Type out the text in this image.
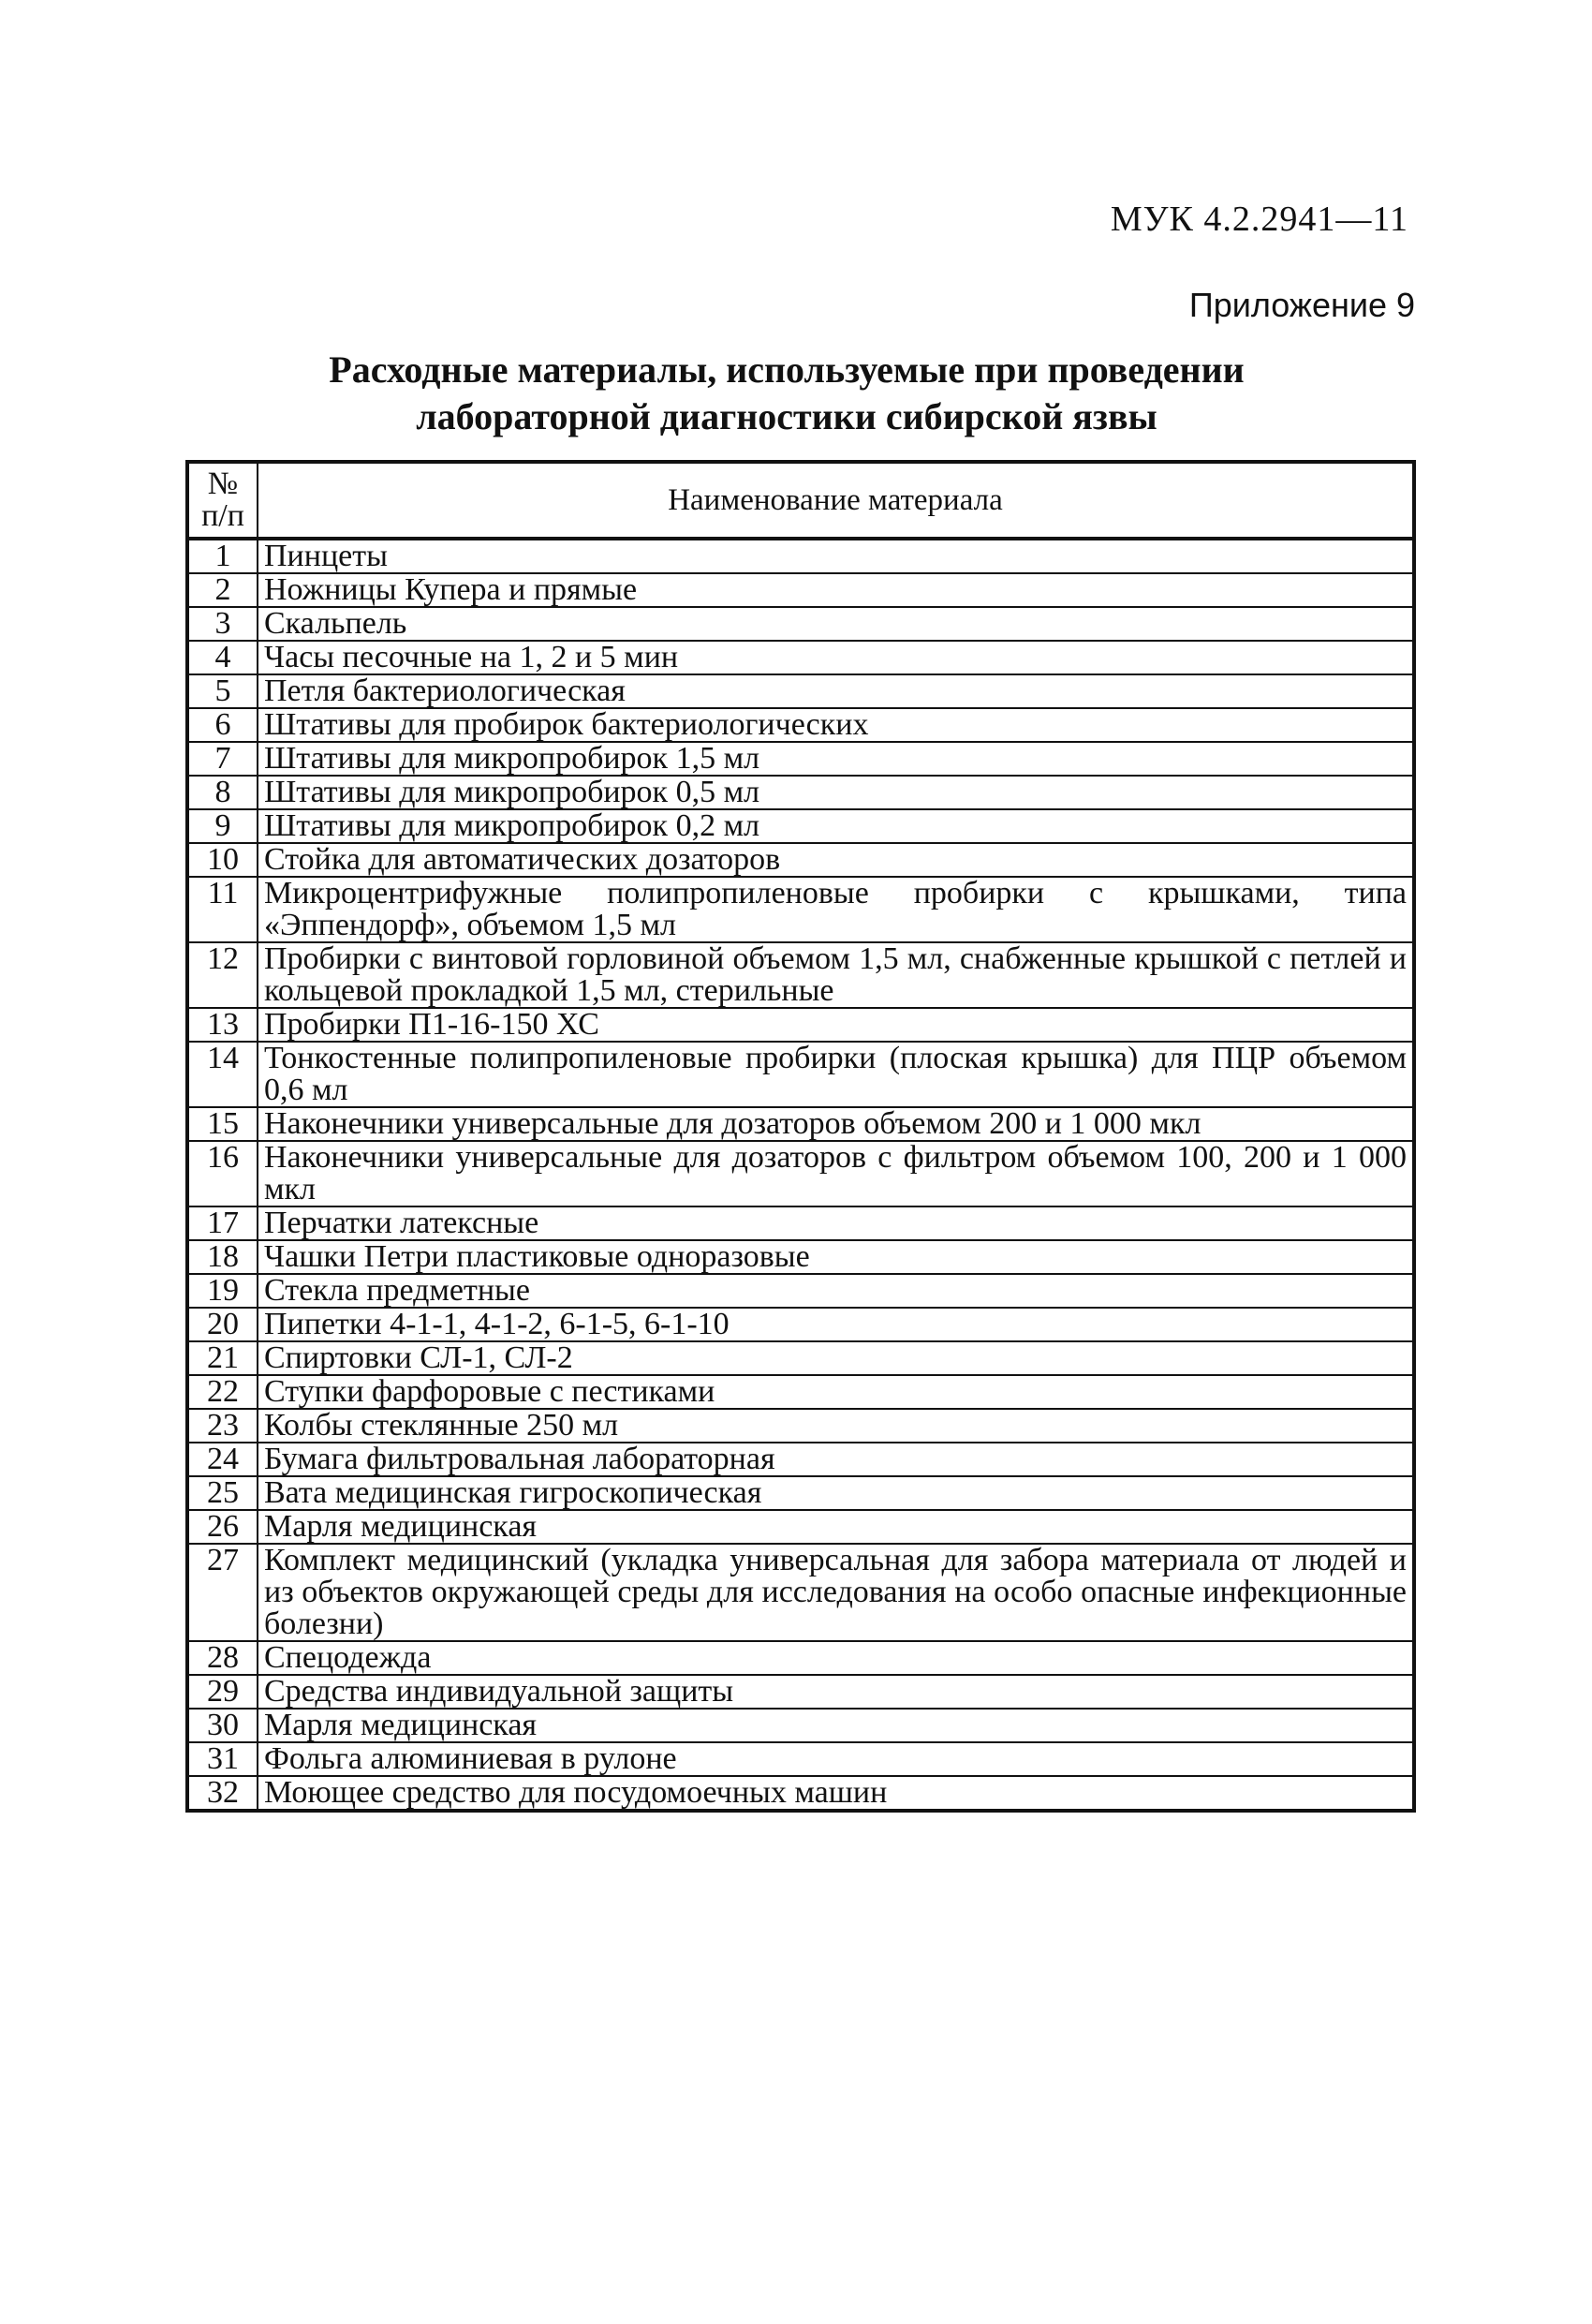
МУК 4.2.2941—11
Приложение 9
Расходные материалы, используемые при проведении
лабораторной диагностики сибирской язвы
№
п/п	Наименование материала
1	Пинцеты
2	Ножницы Купера и прямые
3	Скальпель
4	Часы песочные на 1, 2 и 5 мин
5	Петля бактериологическая
6	Штативы для пробирок бактериологических
7	Штативы для микропробирок 1,5 мл
8	Штативы для микропробирок 0,5 мл
9	Штативы для микропробирок 0,2 мл
10	Стойка для автоматических дозаторов
11	Микроцентрифужные полипропиленовые пробирки с крышками, типа «Эппендорф», объемом 1,5 мл
12	Пробирки с винтовой горловиной объемом 1,5 мл, снабженные крышкой с петлей и кольцевой прокладкой 1,5 мл, стерильные
13	Пробирки П1-16-150 ХС
14	Тонкостенные полипропиленовые пробирки (плоская крышка) для ПЦР объемом 0,6 мл
15	Наконечники универсальные для дозаторов объемом 200 и 1 000 мкл
16	Наконечники универсальные для дозаторов с фильтром объемом 100, 200 и 1 000 мкл
17	Перчатки латексные
18	Чашки Петри пластиковые одноразовые
19	Стекла предметные
20	Пипетки 4-1-1, 4-1-2, 6-1-5, 6-1-10
21	Спиртовки СЛ-1, СЛ-2
22	Ступки фарфоровые с пестиками
23	Колбы стеклянные 250 мл
24	Бумага фильтровальная лабораторная
25	Вата медицинская гигроскопическая
26	Марля медицинская
27	Комплект медицинский (укладка универсальная для забора материала от людей и из объектов окружающей среды для исследования на особо опасные инфекционные болезни)
28	Спецодежда
29	Средства индивидуальной защиты
30	Марля медицинская
31	Фольга алюминиевая в рулоне
32	Моющее средство для посудомоечных машин
